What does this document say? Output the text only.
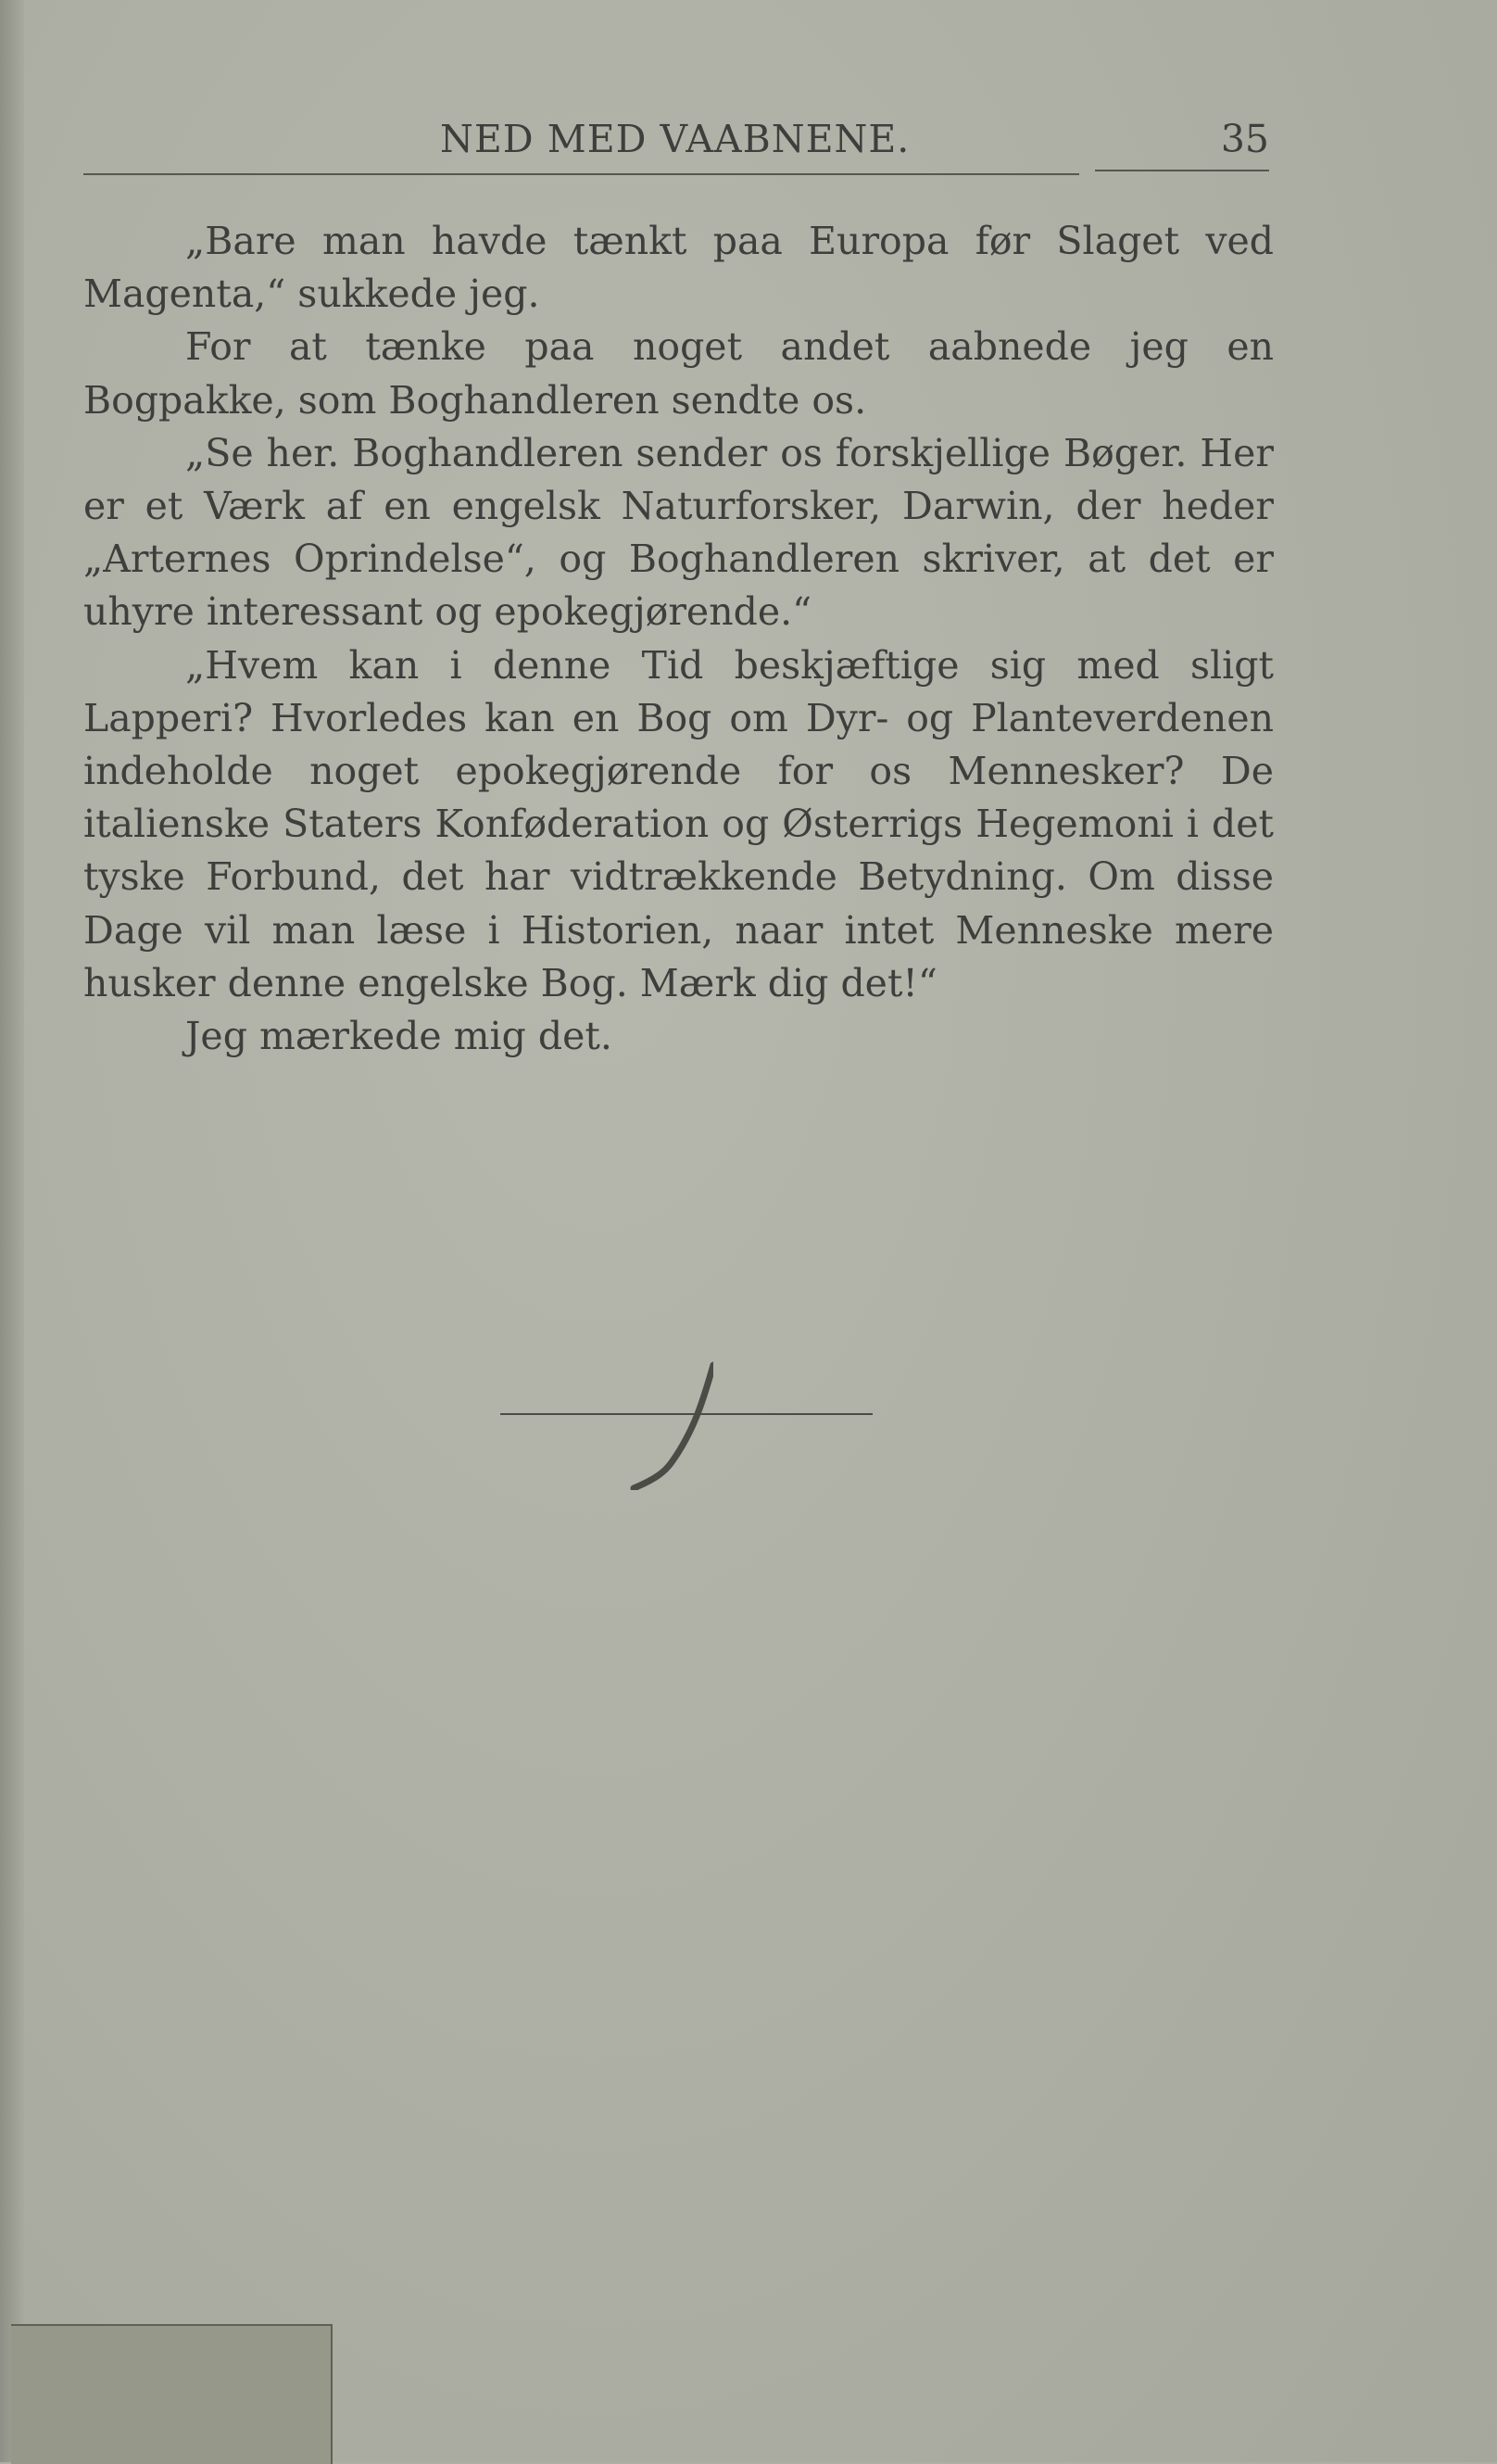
NED MED VAABNENE.	35

„Bare man havde tænkt paa Europa før Slaget ved Magenta,“ sukkede jeg.

For at tænke paa noget andet aabnede jeg en Bogpakke, som Boghandleren sendte os.

„Se her. Boghandleren sender os forskjellige Bøger. Her er et Værk af en engelsk Naturforsker, Darwin, der heder „Arternes Oprindelse“, og Boghandleren skriver, at det er uhyre interessant og epokegjørende.“

„Hvem kan i denne Tid beskjæftige sig med sligt Lapperi? Hvorledes kan en Bog om Dyr- og Planteverdenen indeholde noget epokegjørende for os Mennesker? De italienske Staters Konføderation og Østerrigs Hegemoni i det tyske Forbund, det har vidtrækkende Betydning. Om disse Dage vil man læse i Historien, naar intet Menneske mere husker denne engelske Bog. Mærk dig det!“

Jeg mærkede mig det.
